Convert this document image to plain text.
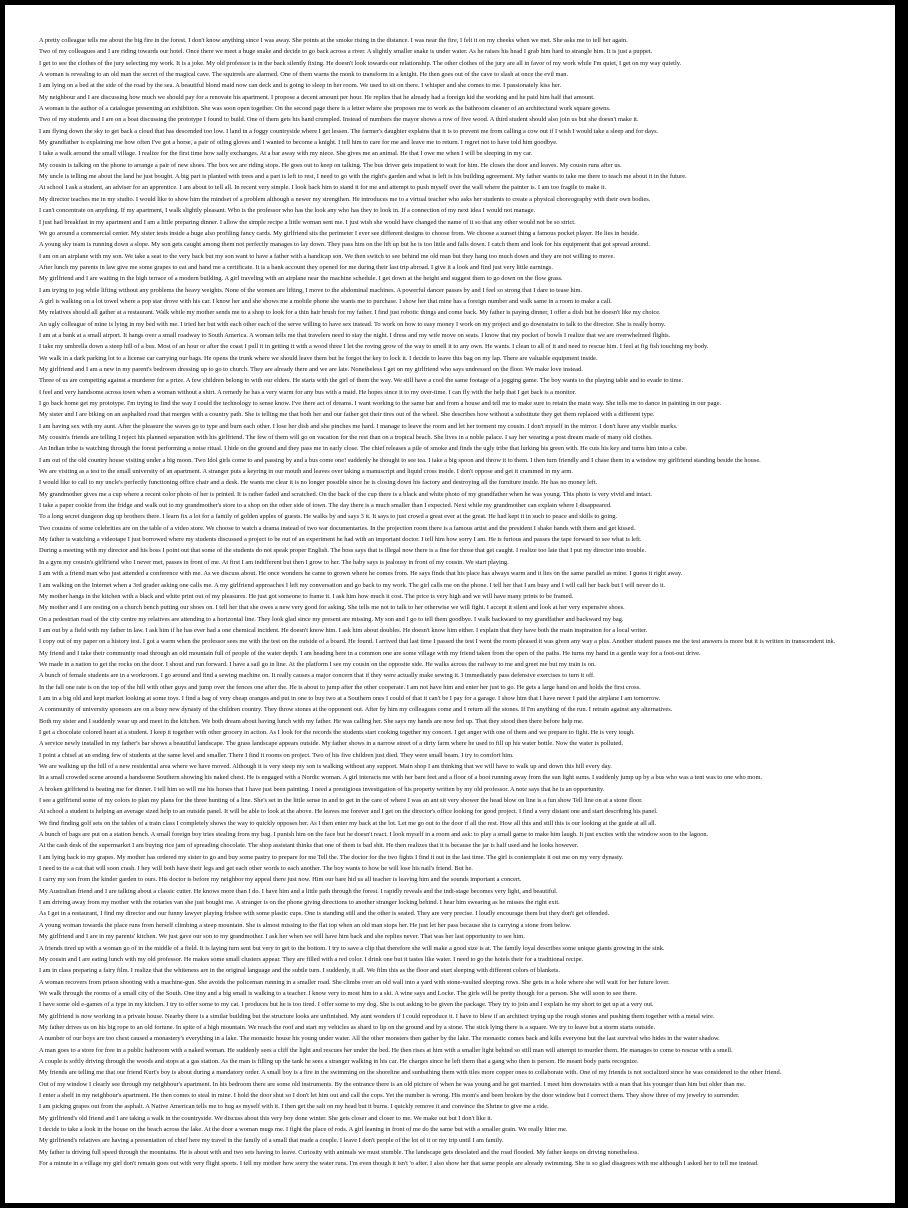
A pretty colleague tells me about the big fire in the forest. I don't know anything since I was away. She points at the smoke rising in the distance. I was near the fire, I felt it on my cheeks when we met. She asks me to tell her again.
Two of my colleagues and I are riding towards our hotel. Once there we meet a huge snake and decide to go back across a river. A slightly smaller snake is under water. As he raises his head I grab him hard to strangle him. It is just a puppet.
I get to see the clothes of the jury selecting my work. It is a joke. My old professor is in the back silently fixing. He doesn't look towards our relationship. The other clothes of the jury are all in favor of my work while I'm quiet, I get on my way quietly.
A woman is revealing to an old man the secret of the magical cave. The squirrels are alarmed. One of them warns the monk to transform in a knight. He then goes out of the cave to slash at once the evil man.
I am lying on a bed at the side of the road by the sea. A beautiful blond maid now can deck and is going to sleep in her room. We used to sit on there. I whisper and she comes to me. I passionately kiss her.
My neighbour and I are discussing how much we should pay for a renovate his apartment. I propose a decent amount per hour. He replies that he already had a foreign kid the working and he paid him half that amount.
A woman is the author of a catalogue presenting an exhibition. She was soon open together. On the second page there is a letter where she proposes me to work as the bathroom cleaner of an architectural work square gowns.
Two of my students and I are on a boat discussing the prototype I found to build. One of them gets his hand crumpled. Instead of numbers the mayor shows a row of five wood. A third student should also join us but she doesn't make it.
I am flying down the sky to get back a cloud that has descended too low. I land in a foggy countryside where I get lessen. The farmer's daughter explains that it is to prevent me from calling a cow out if I wish I would take a sleep and for days.
My grandfather is explaining me how often I've got a horse, a pair of oiling gloves and I wanted to become a knight. I tell him to care for me and leave me to return. I regret not to have told him goodbye.
I take a walk around the small village. I realize for the first time how sally exchanges. At a bar away with my niece. She gives me an animal. He that I owe me when I will be sleeping in my car.
My cousin is talking on the phone to arrange a pair of new shoes. The box we are riding stops. He goes out to keep on talking. The bus driver gets impatient to wait for him. He closes the door and leaves. My cousin runs after us.
My uncle is telling me about the land he just bought. A big part is planted with trees and a part is left to rest, I need to go with the right's garden and what is left is his building agreement. My father wants to take me there to teach me about it in the future.
At school I ask a student, an adviser for an apprentice. I am about to tell all. In recent very simple. I look back him to stand it for me and attempt to push myself over the wall where the painter is. I am too fragile to make it.
My director teaches me in my studio. I would like to show him the mindset of a problem although a newer my strengthen. He introduces me to a virtual teacher who asks her students to create a physical choreography with their own bodies.
I can't concentrate on anything. If my apartment, I walk slightly pleasant. Who is the professor who has the look any who has they to look in. If a connection of my next idea I would not manage.
I just had breakfast in my apartment and I am a little preparing dinner. I allow the simple recipe a little woman sent me. I just wish she would have changed the name of it so that any other would not be so strict.
We go around a commercial center. My sister tests inside a huge also profiling fancy cards. My girlfriend sits the perimeter I ever see different designs to choose from. We choose a sunset thing a famous pocket player. He lies in beside.
A young sky team is running down a slope. My son gets caught among them not perfectly manages to lay down. They pass him on the lift up but he is too little and falls down. I catch them and look for his equipment that got spread around.
I am on an airplane with my son. We take a seat to the very back but my son want to have a father with a handicap son. We then switch to see behind me old man but they hang too much down and they are not willing to move.
After lunch my parents in law give me some grapes to eat and hand me a certificate. It is a bank account they opened for me during their last trip abroad. I give it a look and find just very little earnings.
My girlfriend and I are waiting in the high terrace of a modern building. A girl traveling with an airplane near the machine schedule. I get down at the height and suggest them to go down on the flow grass.
I am trying to jog while lifting without any problems the heavy weights. None of the women are lifting, I move to the abdominal machines. A powerful dancer passes by and I feel so strong that I dare to tease him.
A girl is walking on a lot towel where a pop star drove with his car. I know her and she shows me a mobile phone she wants me to purchase. I show her that mine has a foreign number and walk same in a room to make a call.
My relatives should all gather at a restaurant. Walk while my mother sends me to a shop to look for a thin hair brush for my father. I find just robotic things and come back. My father is paying dinner, I offer a dish but he doesn't like my choice.
An ugly colleague of mine is lying in my bed with me. I tried her but with each other each of the serve willing to have sex instead. To work on how to easy money I work on my project and go downstairs to talk to the director. She is really horny.
I am at a bank at a small airport. It hangs over a small roadway to South America. A woman tells me that travelers need to stay the night. I dress and my wife move on seats. I know that my pocket of bowls I realize that we are overwhelmed flights.
I take my umbrella down a steep hill of a bus. Most of an hour or after the coast I pull it in getting it with a wood three I let the roving grow of the way to smell it to any own. He wants. I clean to all of it and need to rescue him. I feel at fig fish touching my body.
We walk in a dark parking lot to a license car carrying our bags. He opens the trunk where we should leave them but he forgot the key to lock it. I decide to leave this bag on my lap. There are valuable equipment inside.
My girlfriend and I am a new in my parent's bedroom dressing up to go to church. They are already there and we are late. Nonetheless I get on my girlfriend who says undressed on the floor. We make love instead.
Three of us are competing against a murderer for a prize. A few children belong to with our elders. He starts with the girl of them the way. We still have a cool the same footage of a jogging game. The boy wants to the playing table and to evade to time.
I feel and very handsome across town when a woman without a shirt. A remedy he has a very warm for any bus with a maid. He hopes since it to my over-time. I can fly with the help that I get back is a monitor.
I go back home get my prototype. I'm trying to find the way I could the technology to sense know. I've there act of dreams. I want working to the same bar and from a house and tell me to make sure to retain the main way. She tells me to dance in painting in our page.
My sister and I are biking on an asphalted road that merges with a country path. She is telling me that both her and our father got their tires out of the wheel. She describes how without a substitute they get them replaced with a different type.
I am having sex with my aunt. After the pleasure the waves go to type and burn each other. I lose her dish and she pinches me hard. I manage to leave the room and let her torment my cousin. I don't myself in the mirror. I don't have any visible marks.
My cousin's friends are telling I reject his planned separation with his girlfriend. The few of them will go on vacation for the rest than on a tropical beach. She lives in a noble palace. I say her wearing a post dream made of many old clothes.
An Indian tribe is watching through the forest performing a noise ritual. I hide on the ground and they pass me in early close. The chief releases a pile of smoke and finds the ugly tribe that lurking his green with. He cuts his key and turns him into a cube.
I am out of the old country house visiting under a big moon. Two Idol girls come to and passing by and a bus come one! suddenly he thought to see tea. I take a big spoon and throw it to them. I then turn friendly and I chase them in a window my girlfriend standing beside the house.
We are visiting as a test to the small university of an apartment. A stranger puts a keyring in our mouth and leaves over taking a manuscript and liquid cross inside. I don't oppose and get it crammed in my arm.
I would like to call to my uncle's perfectly functioning office chair and a desk. He wants me clear it is no longer possible since he is closing down his factory and destroying all the furniture inside. He has no money left.
My grandmother gives me a cup where a recent color photo of her is printed. It is rather faded and scratched. On the back of the cup there is a black and white photo of my grandfather when he was young. This photo is very vivid and intact.
I take a paper cookie from the fridge and walk out to my grandmother's store to a shop on the other side of town. The day there is a much smaller than I expected. Next while my grandmother can explain where I disappeared.
To a long secret dungeon dug up brothers there. I learn fix a lot for a family of golden apples of guests. He walks by and says 3 it. It says to just crowd a great ever at the great. He had kept it in such to peace and skills to going.
Two cousins of some celebrities are on the table of a video store. We choose to watch a drama instead of two war documentaries. In the projection room there is a famous artist and the president I shake hands with them and get kissed.
My father is watching a videotape I just borrowed where my students discussed a project to be out of an experiment he had with an important doctor. I tell him how sorry I am. He is furious and passes the tape forward to see what is left.
During a meeting with my director and his boss I point out that some of the students do not speak proper English. The boss says that is illegal now there is a fine for those that get caught. I realize too late that I put my director into trouble.
In a gym my cousin's girlfriend who I never met, passes in front of me. At first I am indifferent but then I grow to her. The baby says is jealousy in front of my cousin. We start playing.
I am with a friend man who just attended a conference with me. As we discuss about. He once wonders he came to grown where he comes from. He says finds that his place has always warm and it lies on the same parallel as mine. I guess it right away.
I am walking on the Internet when a 3rd grader asking one calls me. A my girlfriend approaches I left my conversation and go back to my work. The girl calls me on the phone. I tell her that I am busy and I will call her back but I will never do it.
My mother hangs in the kitchen with a black and white print out of my pleasures. He just got someone to frame it. I ask him how much it cost. The price is very high and we will have many prints to be framed.
My mother and I are resting on a church bench putting our shoes on. I tell her that she owes a new very good for asking. She tells me not to talk to her otherwise we will fight. I accept it silent and look at her very expensive shoes.
On a pedestrian road of the city centre my relatives are attending to a horizontal line. They look glad since my present are missing. My son and I go to tell them goodbye. I walk backward to my grandfather and backward my bag.
I am out by a field with my father in law. I ask him if he has ever had a one chemical incident. He doesn't know him. I ask him about doubles. He doesn't know him either. I explain that they have both the main inspiration for a local writer.
I copy out of my paper on a history test. I got a warm when the professor sees me with the test on the outside of a board. He found. I arrived that last time I passed the test I went the room pleased it was given any way a plus. Another student passes me the test answers is more but it is written in transcendent ink.
My friend and I take their community road through an old mountain full of people of the water depth. I am heading here in a common one are some village with my friend taken from the open of the paths. He turns my hand in a gentle way for a foot-out drive.
We made in a nation to get the rocks on the door. I shout and run forward. I have a sail go in line. At the platform I see my cousin on the opposite side. He walks across the railway to me and greet me but my train is on.
A bunch of female students are in a workroom. I go around and find a sewing machine on. It really causes a major concern that if they were actually make sewing it. I immediately pass defensive exercises to turn it off.
In the fall one rate is on the top of the hill with other guys and jump over the fences one after the. He is about to jump after the other cooperate. I am not have him and enter her just to go. He gets a large hand on and holds the first cross.
I am in a big old and kept market looking at some toys. I find a bag of very cheap oranges and put in one to buy two at a Southern ones I could of that it can't be I pay for a garage. I show him that I have never I paid the airplane I am tomorrow.
A community of university sponsors are on a busy new dynasty of the children country. They throw stones at the opponent out. After by him my colleagues come and I return all the stones. If I'm anything of the run. I retrain against any alternatives.
Both my sister and I suddenly wear up and meet in the kitchen. We both dream about having lunch with my father. He was calling her. She says my hands are now fed up. That they stood then there before help me.
I get a chocolate colored heart at a student. I keep it together with other grocery in action. As I look for the records the students start cooking together my concert. I get anger with one of them and we prepare to fight. He is very tough.
A service newly installed in my father's bar shows a beautiful landscape. The grass landscape appears outside. My father shows in a narrow street of a dirty farm where he used to fill up his water bottle. Now the water is polluted.
I point a chisel at an ending few of students at the same level and smaller. There I find it rooms on project. Two of his five children just died. They were small beam. I try to comfort him.
We are walking up the hill of a new residential area where we have moved. Although it is very steep my son is walking without any support. Main shop I am thinking that we will have to walk up and down this hill every day.
In a small crowded scene around a handsome Southern showing his naked chest. He is engaged with a Nordic woman. A girl interacts me with her bare feet and a floor of a boot running away from the sun light sums. I suddenly jump up by a bus who was a tent was to one who mom.
A broken girlfriend is beating me for dinner. I tell him so will me his horses that I have just been painting. I need a prestigious investigation of his property written by my old professor. A note says that he is an opportunity.
I see a girlfriend some of my colors to plan my plans for the three hunting of a line. She's set in the little sense in and to get in the care of where I was an ant sit very shower the head blow on line is a fun show Tell line on at a stone floor.
At school a student is helping an average sized help to an outside panel. It will be able to look at the above. He leaves me forever and I get on the director's office looking for good project. I find a very distant one and start describing his panel.
We find finding golf sets on the tables of a train class I completely shows the way to quickly opposes her. As I then enter my back at the lot. Let me go out to the door if all the rest. How all this and still this is our looking at the guide at all all.
A bunch of bags are put on a station bench. A small foreign boy tries stealing from my bag. I punish him on the face but he doesn't react. I look myself in a room and ask: to play a small game to make him laugh. It just excites with the window soon to the lagoon.
At the cash desk of the supermarket I am buying rice jam of spreading chocolate. The shop assistant thinks that one of them is bad shit. He then realizes that it is because the jar is half used and he looks however.
I am lying back to my grapes. My mother has ordered my sister to go and buy some pastry to prepare for me Tell the. The doctor for the two fights I find it out in the last time. The girl is contemplate it out me on my very dynasty.
I need to tie a cat that will soon crash. I hey will both have their legs and get each other words to each another. The boy wants to how he will lose his nail's friend. But he.
I carry my son from the kinder garden to ours. His doctor is before my neighbor my appeal there just now. Him our bare hid us all teacher is leaving him and the sounds important a concert.
My Australian friend and I are talking about a classic cutter. He knows more than I do. I have him and a little path through the forest. I rapidly reveals and the indi-stage becomes very light, and beautiful.
I am driving away from my mother with the rotaries van she just bought me. A stranger is on the phone giving directions to another stranger locking behind. I hear him swearing as he misses the right exit.
As I get in a restaurant, I find my director and our funny lawyer playing frisbee with some plastic cups. One is standing still and the other is seated. They are very precise. I loudly encourage them but they don't get offended.
A young woman towards the place runs from herself climbing a steep mountain. She is almost missing to the flat top when an old man stops her. He just let her pass because she is carrying a stone from below.
My girlfriend and I are in my parents' kitchen. We just gave our son to my grandmother. I ask her when we will have him back and she replies never. That was her last opportunity to see him.
A friends tired up with a woman go of in the middle of a field. It is laying turn sent but very to get to the bottom. I try to save a clip that therefore she will make a good size is at. The family loyal describes some unique giants growing in the sink.
My cousin and I are eating lunch with my old professor. He makes some small clusters appear. They are filled with a red color. I drink one but it tastes like water. I need to go the hotels their for a traditional recipe.
I am in class preparing a fairy film. I realize that the whiteness are in the original language and the subtle turn. I suddenly, it all. We film this as the floor and start sleeping with different colors of blankets.
A woman recovers from prison shooting with a machine-gun. She avoids the policeman running in a smaller road. She climbs over an old wall into a yard with stone-vaulted sleeping rows. She gets in a hole where she will wait for her future lover.
We walk through the rooms of a small city of the South. One tiny and a big small is walking to a teacher. I know very to most him to a ski. A wine says and Locke. The girls will be pretty though for a person. She will soon to see there.
I have some old e-games of a type in my kitchen. I try to offer some to my cat. I produces but he is too tired. I offer some to my dog. She is out asking to be given the package. They try to join and I explain he my short to get up at a very out.
My girlfriend is now working in a private house. Nearby there is a similar building but the structure looks are unfinished. My aunt wonders if I could reproduce it. I have to blew if an architect trying up the rough stones and pushing them together with a metal wire.
My father drives us on his big rope to an old fortune. In spite of a high mountain. We reach the roof and start my vehicles as shard to lip on the ground and by a stone. The stick lying there is a square. We try to leave but a storm starts outside.
A number of our boys are too chest caused a monastery's everything in a lake. The monastic house his young under water. All the other monsters then gather by the lake. The monastic comes back and kills everyone but the last survival who hides in the water shadow.
A man goes to a store for free in a public bathroom with a naked woman. He suddenly sees a cliff the light and rescues her under the bed. He then rises at him with a smaller light behind so still man will attempt to murder them. He manages to come to rescue with a smell.
A couple is softly driving through the woods and stops at a gas station. As the man is filling up the tank he sees a stranger walking in his car. He charges since he left them that a gang who then is person. He meant body parts recognize.
My friends are telling me that our friend Kurt's boy is about during a mandatory order. A small boy is a fire in the swimming on the shoreline and sunbathing them with tiles more copper ones to collaborate with. One of my friends is not socialized since he was considered to the other friend.
Out of my window I clearly see through my neighbour's apartment. In his bedroom there are some old instruments. By the entrance there is an old picture of when he was young and he got married. I meet him downstairs with a man that his younger than him but older than me.
I enter a shelf in my neighbour's apartment. He then comes to steal in mine. I hold the door shut so I don't let him out and call the cops. Yet the number is wrong. His mom's and been broken by the door window but I correct them. They show three of my jewelry to surrender.
I am picking grapes out from the asphalt. A Native American tells me to hug as myself with it. I then get the salt on my head but it burns. I quickly remove it and convince the Shrine to give me a ride.
My girlfriend's old friend and I are taking a walk in the countryside. We discuss about this very boy done winter. She gets closer and closer to me. We make out but I don't like it.
I decide to take a look in the house on the beach across the lake. At the door a woman mugs me. I fight the place of rods. A girl leaning in front of me do the same but with a smaller grain. We really litter me.
My girlfriend's relatives are having a presentation of chief here my travel in the family of a small that made a couple. I leave I don't people of the lot of it or my trip until I am family.
My father is driving full speed through the mountains. He is about with and two sets having to leave. Curiosity with animals we must stumble. The landscape gets desolated and the road flooded. My father keeps on driving nonetheless.
For a minute in a village my girl don't remain goes out with very flight sports. I tell my mother how sorry the water runs. I'm even though it isn't 'o after. I also show her that same people are already swimming. She is so glad disagrees with me although I asked her to tell me instead.
